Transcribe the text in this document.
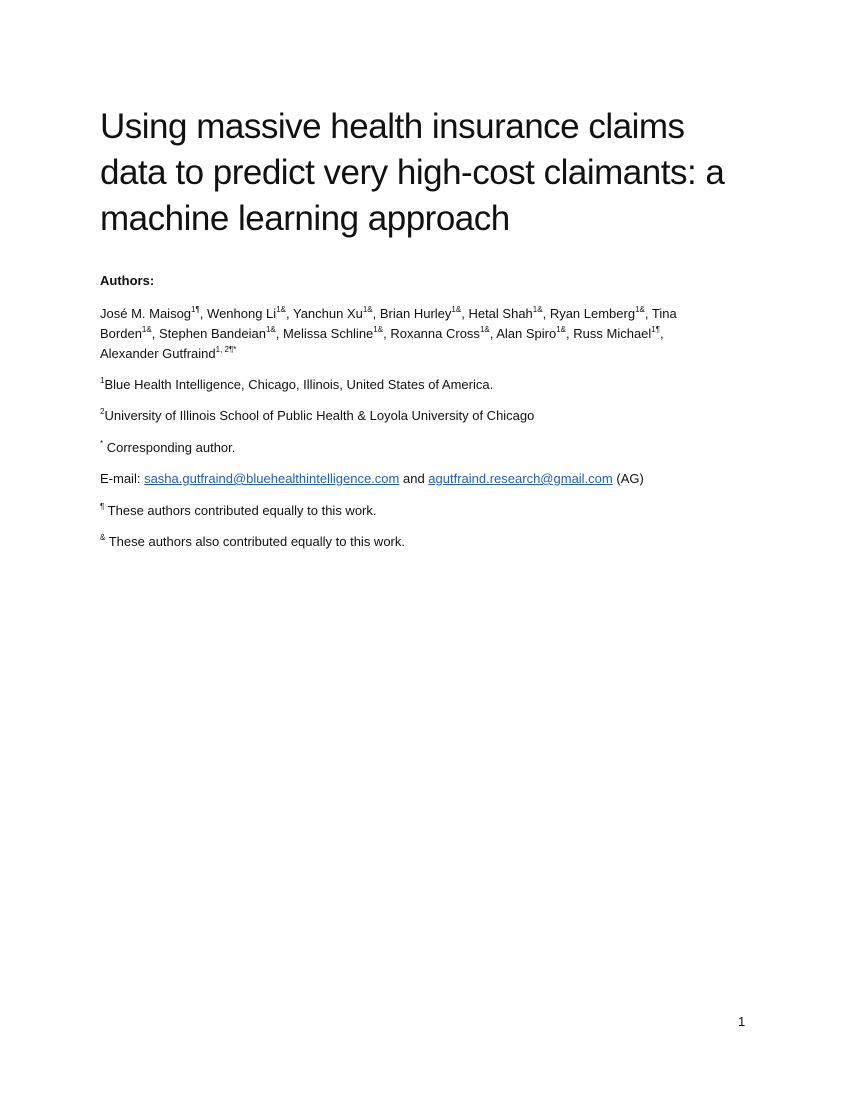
Using massive health insurance claims
data to predict very high-cost claimants: a
machine learning approach
Authors:
José M. Maisog$^{1\P}$, Wenhong $Li^{1\&}$, Yanchun $Xu^{1\&}$, Brian Hurley$^{1\&}$, Hetal Shah$^{1\&}$, Ryan Lemberg$^{1\&}$, Tina
Borden$^{1\&}$, Stephen Bandeian$^{1\&}$, Melissa Schline$^{1\&}$, Roxanna Cross$^{1\&}$, Alan Spiro$^{1\&}$, Russ Michael$^{1\P}$,
Alexander Gutfraind$^{1, 2\P*}$
$^1$Blue Health Intelligence, Chicago, Illinois, United States of America.
$^2$University of Illinois School of Public Health & Loyola University of Chicago
* Corresponding author.
E-mail: sasha.gutfraind@bluehealthintelligence.com and agutfraind.research@gmail.com (AG)
¶ These authors contributed equally to this work.
& These authors also contributed equally to this work.
1
